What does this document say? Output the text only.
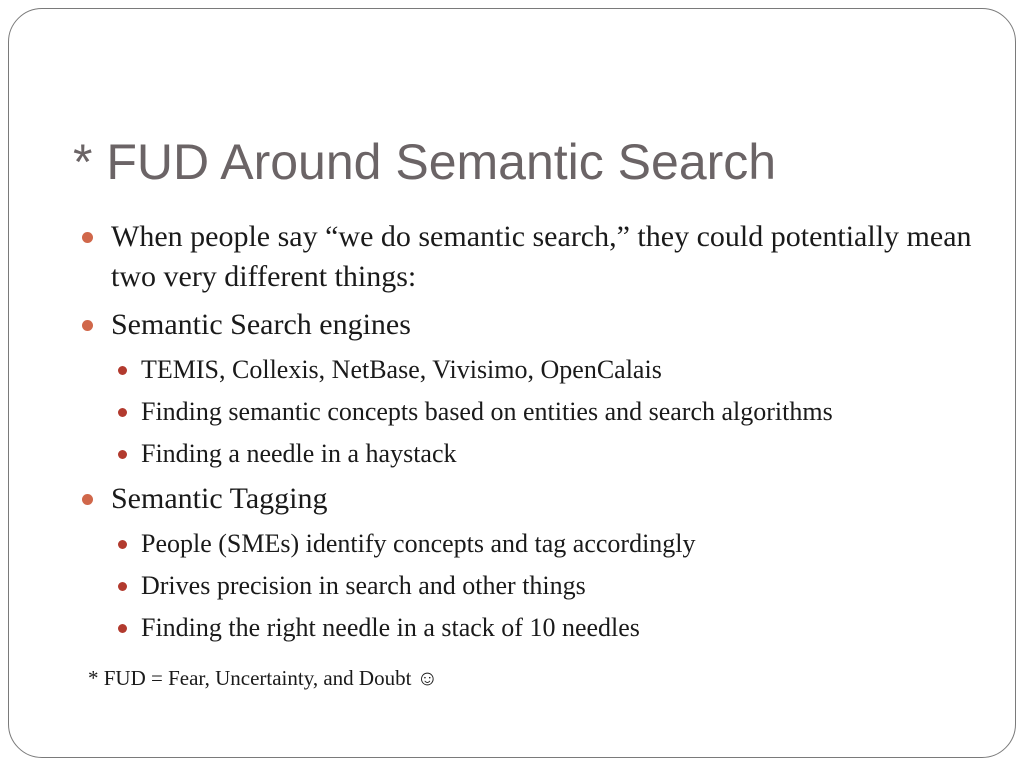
* FUD Around Semantic Search
When people say “we do semantic search,” they could potentially mean two very different things:
Semantic Search engines
TEMIS, Collexis, NetBase, Vivisimo, OpenCalais
Finding semantic concepts based on entities and search algorithms
Finding a needle in a haystack
Semantic Tagging
People (SMEs) identify concepts and tag accordingly
Drives precision in search and other things
Finding the right needle in a stack of 10 needles
* FUD = Fear, Uncertainty, and Doubt ☺
